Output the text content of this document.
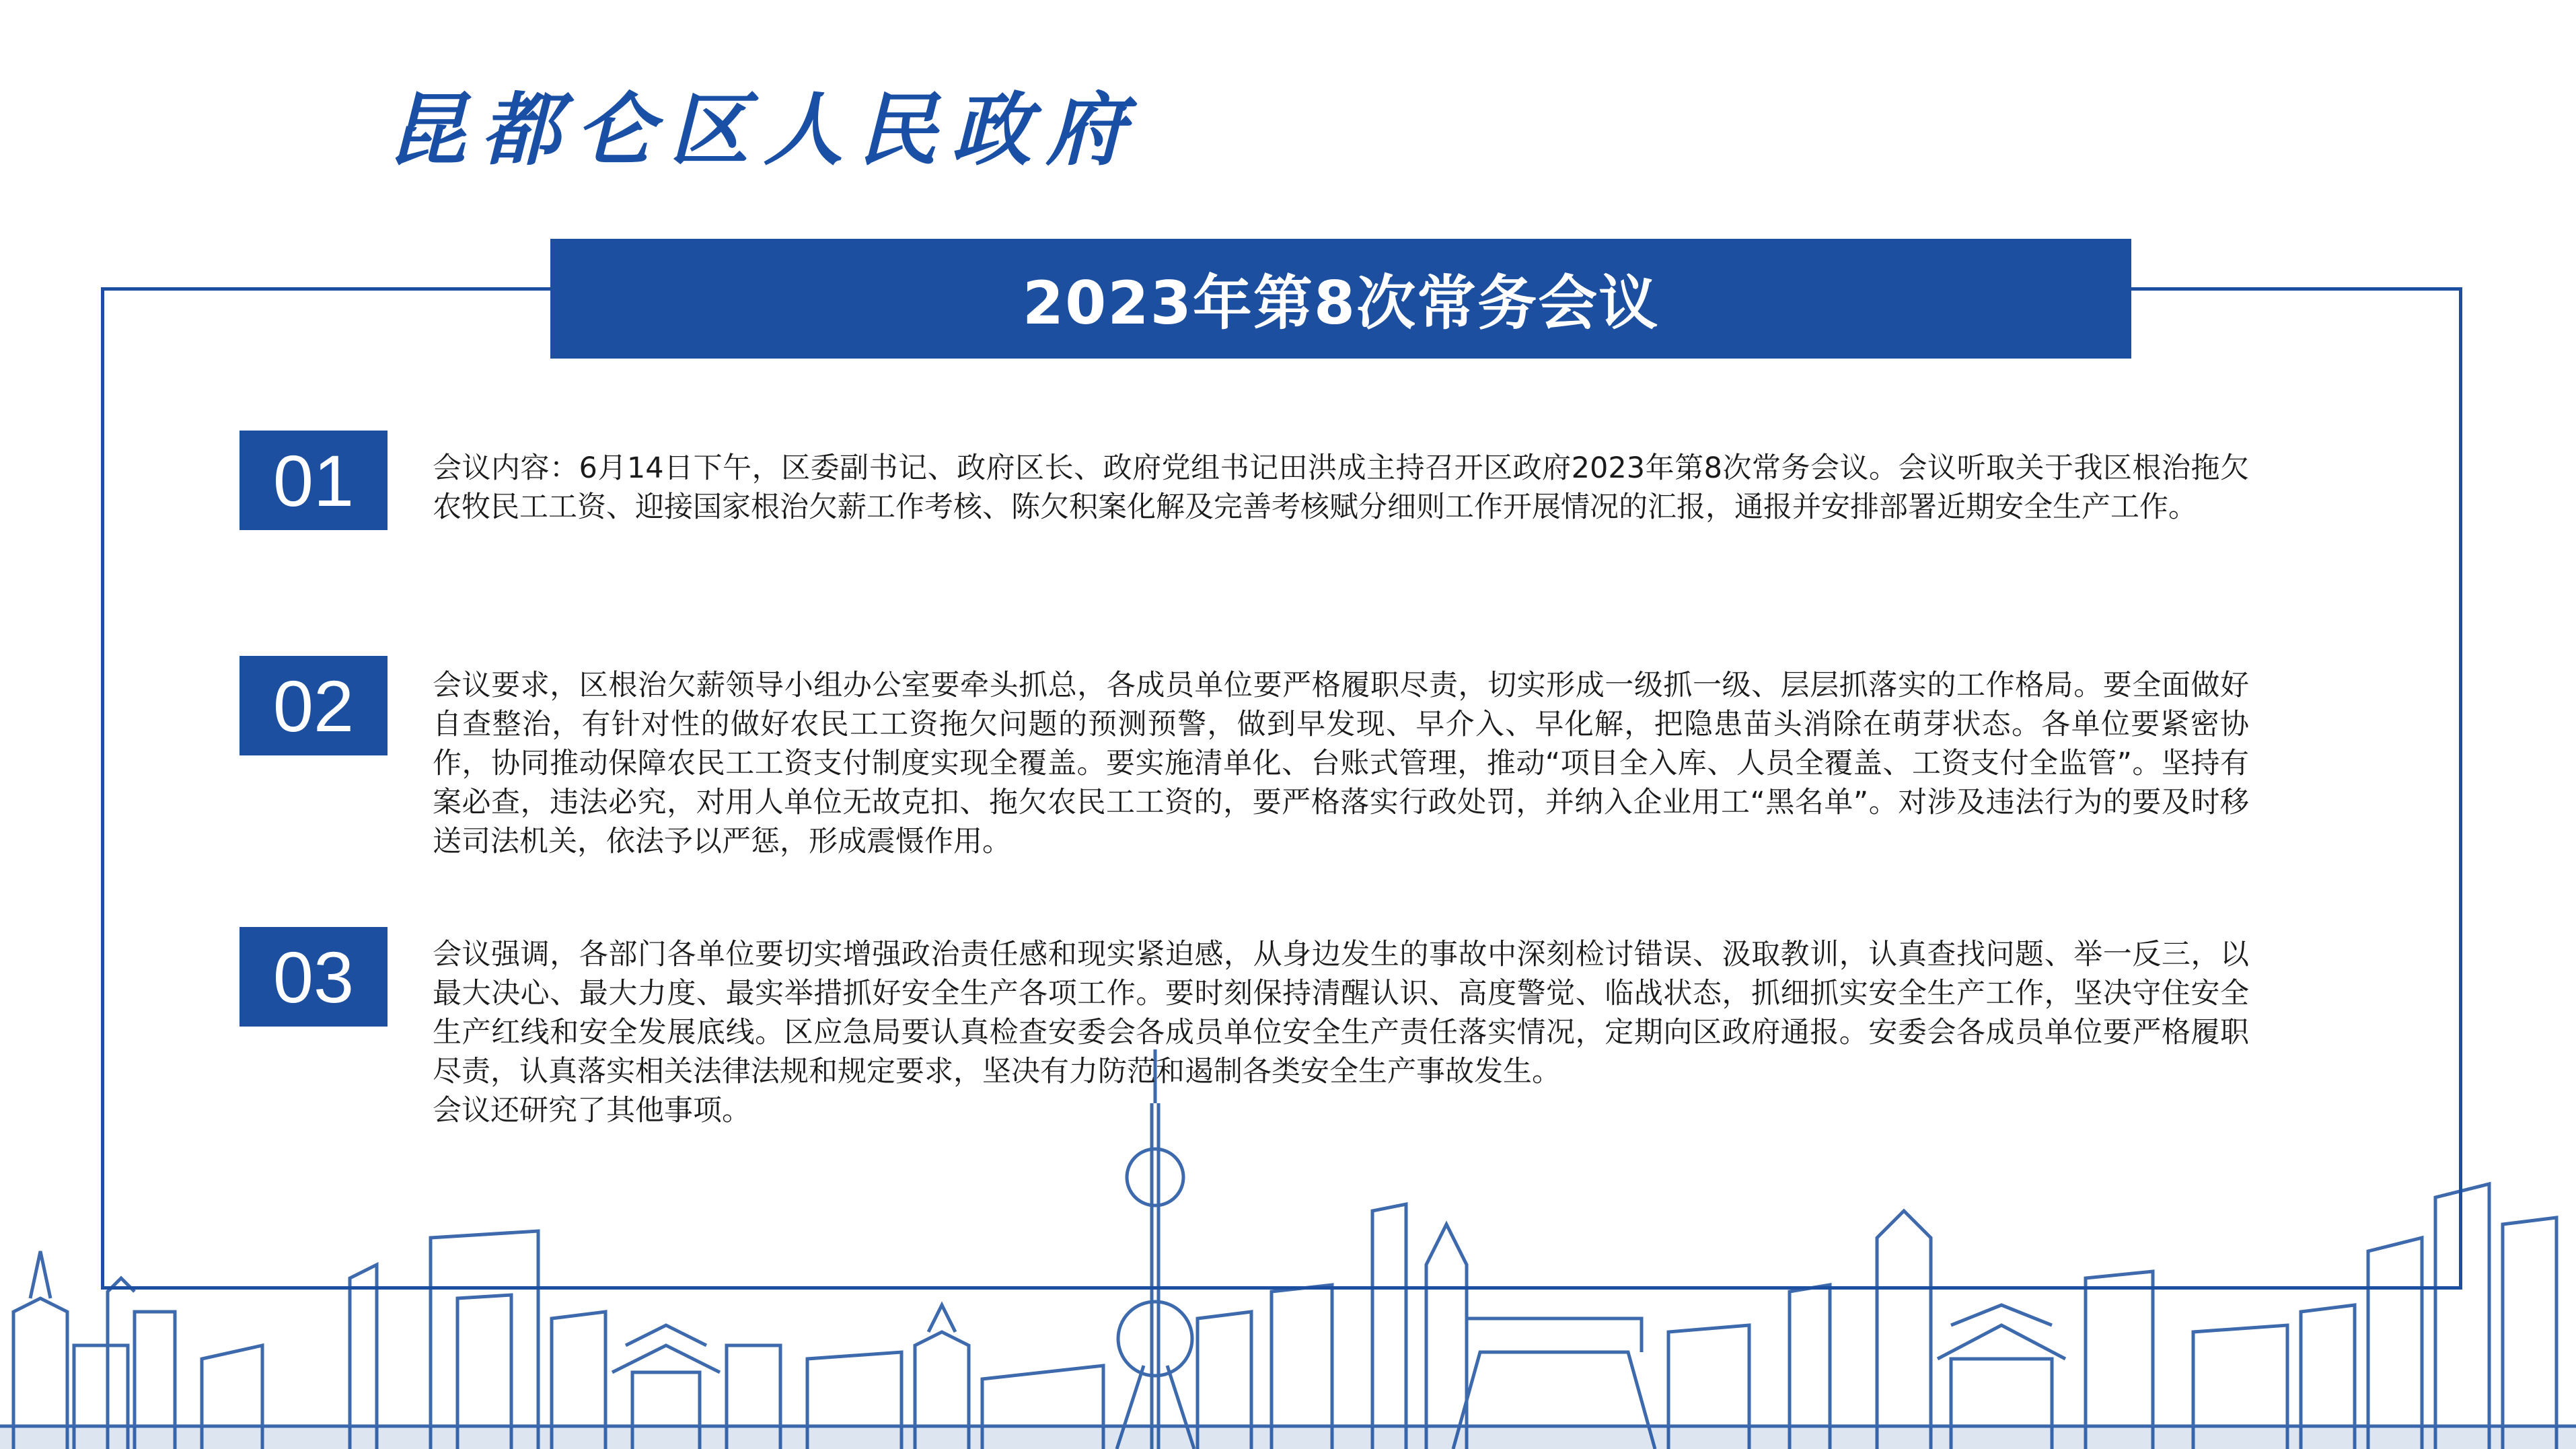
昆都仑区人民政府
2023年第8次常务会议
01	会议内容：6月14日下午，区委副书记、政府区长、政府党组书记田洪成主持召开区政府2023年第8次常务会议。会议听取关于我区根治拖欠农牧民工工资、迎接国家根治欠薪工作考核、陈欠积案化解及完善考核赋分细则工作开展情况的汇报，通报并安排部署近期安全生产工作。
02	会议要求，区根治欠薪领导小组办公室要牵头抓总，各成员单位要严格履职尽责，切实形成一级抓一级、层层抓落实的工作格局。要全面做好自查整治，有针对性的做好农民工工资拖欠问题的预测预警，做到早发现、早介入、早化解，把隐患苗头消除在萌芽状态。各单位要紧密协作，协同推动保障农民工工资支付制度实现全覆盖。要实施清单化、台账式管理，推动“项目全入库、人员全覆盖、工资支付全监管”。坚持有案必查，违法必究，对用人单位无故克扣、拖欠农民工工资的，要严格落实行政处罚，并纳入企业用工“黑名单”。对涉及违法行为的要及时移送司法机关，依法予以严惩，形成震慑作用。
03	会议强调，各部门各单位要切实增强政治责任感和现实紧迫感，从身边发生的事故中深刻检讨错误、汲取教训，认真查找问题、举一反三，以最大决心、最大力度、最实举措抓好安全生产各项工作。要时刻保持清醒认识、高度警觉、临战状态，抓细抓实安全生产工作，坚决守住安全生产红线和安全发展底线。区应急局要认真检查安委会各成员单位安全生产责任落实情况，定期向区政府通报。安委会各成员单位要严格履职尽责，认真落实相关法律法规和规定要求，坚决有力防范和遏制各类安全生产事故发生。
会议还研究了其他事项。
